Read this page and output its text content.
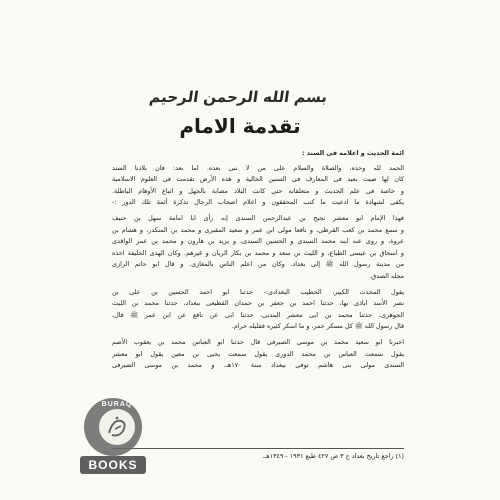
بسم الله الرحمن الرحيم
تقدمة الامام
ائمة الحديث و اعلامه فى السند :
الحمد لله وحده، والصلاة والسلام على من لا نبى بعده. اما بعد: فان بلادنا السند
كان لها صيت بعيد فى المعارف فى السنين الخالية و هذه الأرض تقدمت فى العلوم الاسلامية
و خاصة فى علم الحديث و متعلقاته حتى كانت البلاد مصابة بالجهل و اتباع الأوهام الباطلة.
يكفى لشهادة ما ادعيت ما كتب المحققون و اعلام اصحاب الرجال تذكرة أئمة تلك الدور :-
فهذا الإمام ابو معشر نجيح بن عبدالرحمن السندى إنه رأى ابا امامة سهل بن حنيف
و سمع محمد بن كعب القرظى، و نافعا مولى ابن عمر و سعيد المقبرى و محمد بن المنكدر، و هشام بن
عروة، و روى عنه ابنه محمد السندى و الحسين السندى، و يزيد بن هارون و محمد بن عمر الواقدى
و اسحاق بن عيسى الطباع، و الليث بن سعد و محمد بن بكار الريان و غيرهم. وكان الهدى الخليفة اخذه
من مدينة رسول الله ﷺ إلى بغداد. وكان من اعلم الناس بالمغازى. و قال ابو حاتم الرازى
محله الصدق.
يقول المحدث الكبير، الخطيب البغدادى:- حدثنا ابو احمد الحسين بن على بن
نصر الأسد اباذى بها، حدثنا احمد بن جعفر بن حمدان القطيعى ببغداد، حدثنا محمد بن الليث
الجوهرى، حدثنا محمد بن ابى معشر المدنى، حدثنا ابى عن نافع عن ابن عمر ﷺ قال،
قال رسول الله ﷺ كل مسكر خمر، و ما اسكر كثيره فقليله حرام.
اخبرنا ابو سعيد محمد بن موسى الصيرفى قال حدثنا ابو العباس محمد بن يعقوب الأصم
يقول سمعت العباس بن محمد الدورى يقول سمعت يحيى بن معين يقول ابو معشر
السندى مولى بنى هاشم توفى ببغداد سنة ١٧٠هـ، و محمد بن موسى الصيرفى
(١) راجع تاريخ بغداد ج ٣ ص ٤٢٧ طبع ١٩٣١ - ١٣٤٩هـ.
BURAQ
BOOKS
